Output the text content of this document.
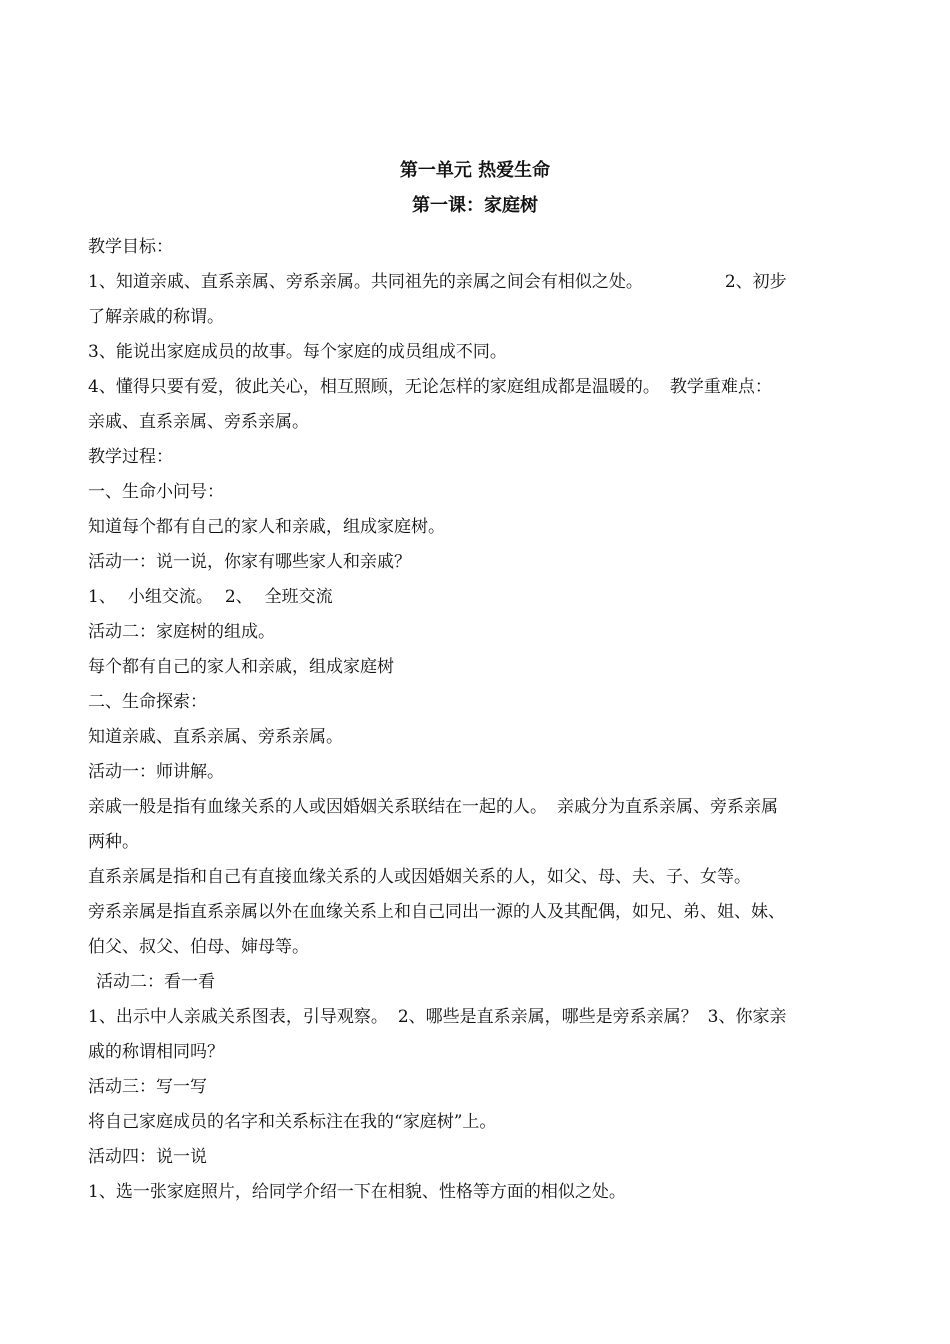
第一单元 热爱生命
第一课：家庭树
教学目标：
1、知道亲戚、直系亲属、旁系亲属。共同祖先的亲属之间会有相似之处。	2、初步
了解亲戚的称谓。
3、能说出家庭成员的故事。每个家庭的成员组成不同。
4、懂得只要有爱，彼此关心，相互照顾，无论怎样的家庭组成都是温暖的。 教学重难点：
亲戚、直系亲属、旁系亲属。
教学过程：
一、生命小问号：
知道每个都有自己的家人和亲戚，组成家庭树。
活动一：说一说，你家有哪些家人和亲戚？
1、 小组交流。 2、 全班交流
活动二：家庭树的组成。
每个都有自己的家人和亲戚，组成家庭树
二、生命探索：
知道亲戚、直系亲属、旁系亲属。
活动一：师讲解。
亲戚一般是指有血缘关系的人或因婚姻关系联结在一起的人。 亲戚分为直系亲属、旁系亲属
两种。
直系亲属是指和自己有直接血缘关系的人或因婚姻关系的人，如父、母、夫、子、女等。
旁系亲属是指直系亲属以外在血缘关系上和自己同出一源的人及其配偶，如兄、弟、姐、妹、
伯父、叔父、伯母、婶母等。
活动二：看一看
1、出示中人亲戚关系图表，引导观察。 2、哪些是直系亲属，哪些是旁系亲属？ 3、你家亲
戚的称谓相同吗？
活动三：写一写
将自己家庭成员的名字和关系标注在我的“家庭树”上。
活动四：说一说
1、选一张家庭照片，给同学介绍一下在相貌、性格等方面的相似之处。
